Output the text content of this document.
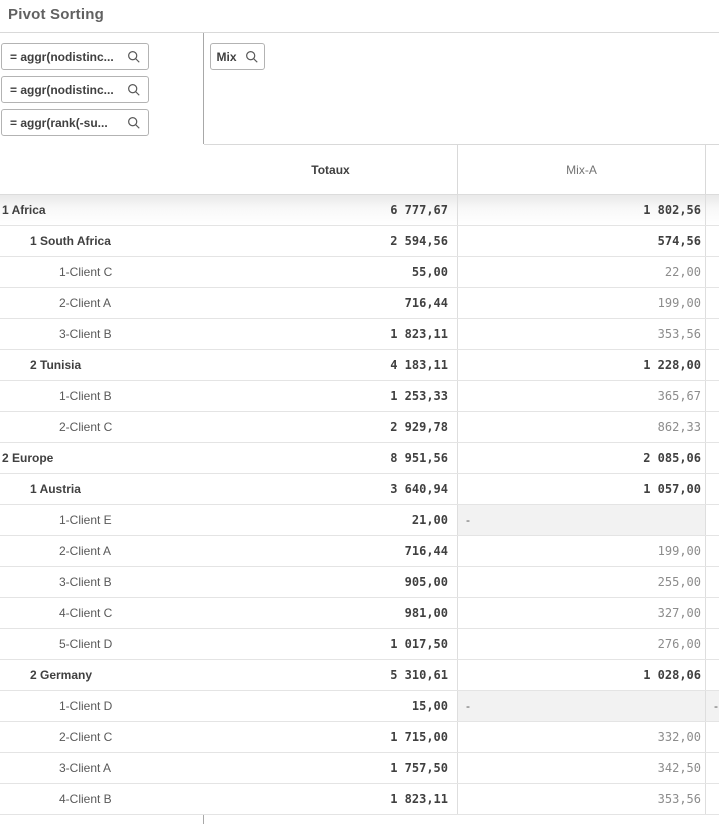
Pivot Sorting
= aggr(nodistinc...
= aggr(nodistinc...
= aggr(rank(-su...
Mix
Totaux	Mix-A
1 Africa	6 777,67	1 802,56
1 South Africa	2 594,56	574,56
1-Client C	55,00	22,00
2-Client A	716,44	199,00
3-Client B	1 823,11	353,56
2 Tunisia	4 183,11	1 228,00
1-Client B	1 253,33	365,67
2-Client C	2 929,78	862,33
2 Europe	8 951,56	2 085,06
1 Austria	3 640,94	1 057,00
1-Client E	21,00	-
2-Client A	716,44	199,00
3-Client B	905,00	255,00
4-Client C	981,00	327,00
5-Client D	1 017,50	276,00
2 Germany	5 310,61	1 028,06
1-Client D	15,00	-	-
2-Client C	1 715,00	332,00
3-Client A	1 757,50	342,50
4-Client B	1 823,11	353,56
